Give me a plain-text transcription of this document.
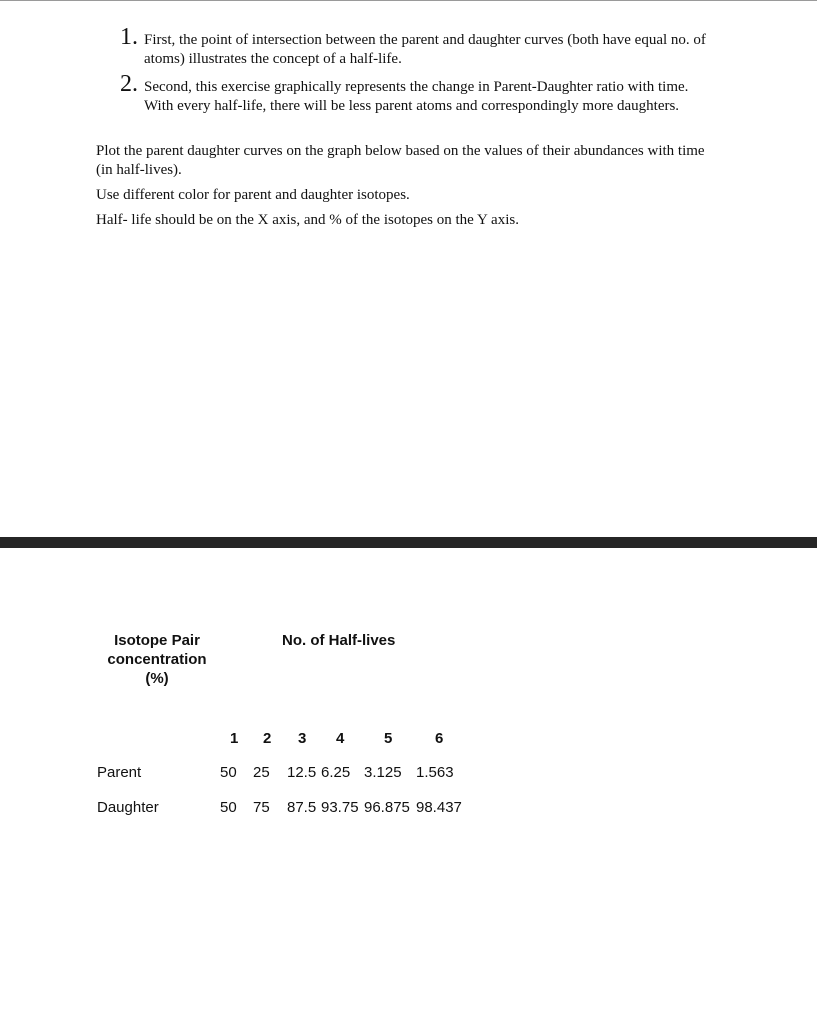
1. First, the point of intersection between the parent and daughter curves (both have equal no. of atoms) illustrates the concept of a half-life.
2. Second, this exercise graphically represents the change in Parent-Daughter ratio with time. With every half-life, there will be less parent atoms and correspondingly more daughters.
Plot the parent daughter curves on the graph below based on the values of their abundances with time (in half-lives).
Use different color for parent and daughter isotopes.
Half- life should be on the X axis, and % of the isotopes on the Y axis.
Isotope Pair
concentration
(%)
No. of Half-lives
1 2 3 4	5	6
Parent	50 25 12.5 6.25 3.125 1.563
Daughter	50 75 87.5 93.75 96.875 98.437
